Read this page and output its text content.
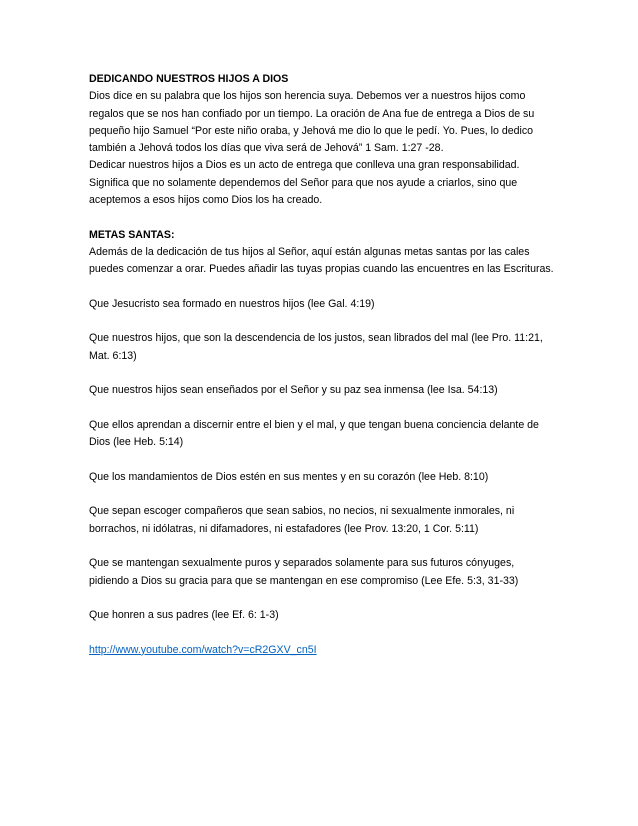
DEDICANDO NUESTROS HIJOS A DIOS

Dios dice en su palabra que los hijos son herencia suya. Debemos ver a nuestros hijos como
regalos que se nos han confiado por un tiempo. La oración de Ana fue de entrega a Dios de su
pequeño hijo Samuel “Por este niño oraba, y Jehová me dio lo que le pedí. Yo. Pues, lo dedico
también a Jehová todos los días que viva será de Jehová” 1 Sam. 1:27 -28.
Dedicar nuestros hijos a Dios es un acto de entrega que conlleva una gran responsabilidad.
Significa que no solamente dependemos del Señor para que nos ayude a criarlos, sino que
aceptemos a esos hijos como Dios los ha creado.

METAS SANTAS:

Además de la dedicación de tus hijos al Señor, aquí están algunas metas santas por las cales
puedes comenzar a orar. Puedes añadir las tuyas propias cuando las encuentres en las Escrituras.

Que Jesucristo sea formado en nuestros hijos (lee Gal. 4:19)

Que nuestros hijos, que son la descendencia de los justos, sean librados del mal (lee Pro. 11:21,
Mat. 6:13)

Que nuestros hijos sean enseñados por el Señor y su paz sea inmensa (lee Isa. 54:13)

Que ellos aprendan a discernir entre el bien y el mal, y que tengan buena conciencia delante de
Dios (lee Heb. 5:14)

Que los mandamientos de Dios estén en sus mentes y en su corazón (lee Heb. 8:10)

Que sepan escoger compañeros que sean sabios, no necios, ni sexualmente inmorales, ni
borrachos, ni idólatras, ni difamadores, ni estafadores (lee Prov. 13:20, 1 Cor. 5:11)

Que se mantengan sexualmente puros y separados solamente para sus futuros cónyuges,
pidiendo a Dios su gracia para que se mantengan en ese compromiso (Lee Efe. 5:3, 31-33)

Que honren a sus padres (lee Ef. 6: 1-3)

http://www.youtube.com/watch?v=cR2GXV_cn5I
